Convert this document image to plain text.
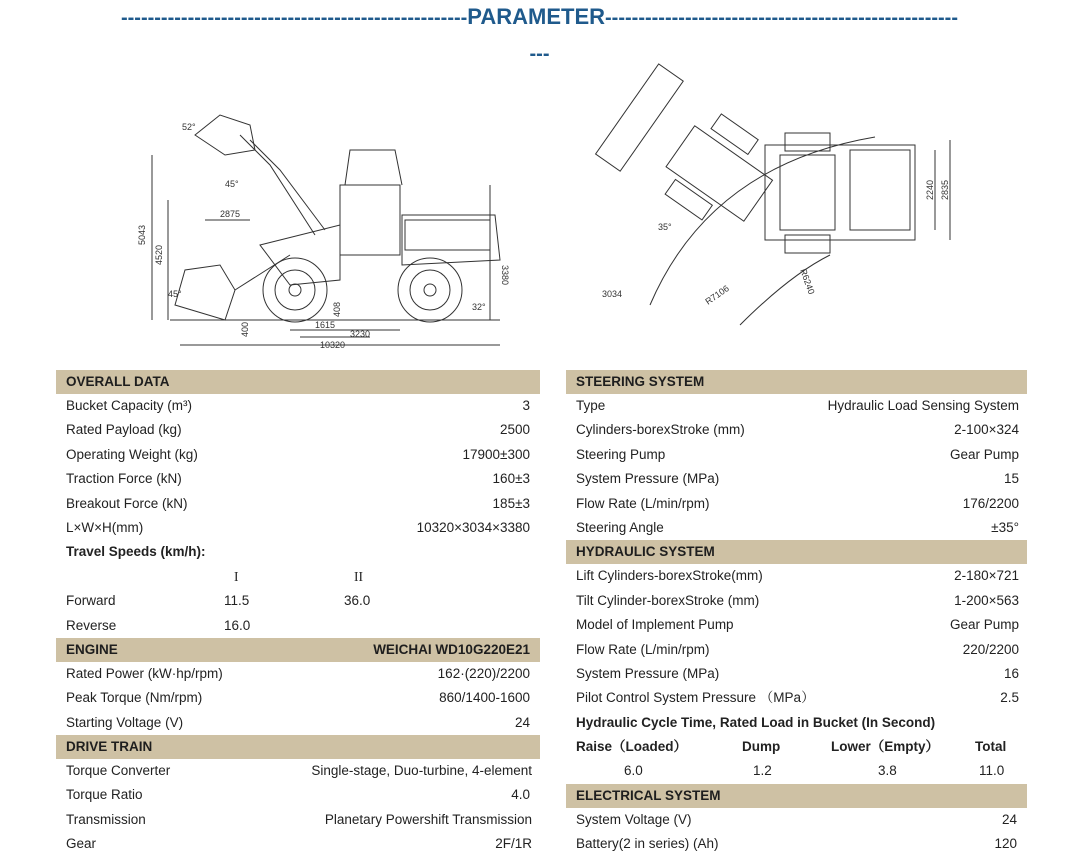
----------------------------------------------------PARAMETER-----------------------------------------------------
---
5043
4520
2875
45°
52°
45°
400
408
1615
3230
10320
3380
32°
2240 2835
35°
R6240
3034	R7106
OVERALL DATA
Bucket Capacity (m³)	3
Rated Payload (kg)	2500
Operating Weight (kg)	17900±300
Traction Force (kN)	160±3
Breakout Force (kN)	185±3
L×W×H(mm)	10320×3034×3380
Travel Speeds (km/h):
I	II
Forward	11.5	36.0
Reverse	16.0
ENGINE	WEICHAI WD10G220E21
Rated Power (kW·hp/rpm)	162·(220)/2200
Peak Torque (Nm/rpm)	860/1400-1600
Starting Voltage (V)	24
DRIVE TRAIN
Torque Converter	Single-stage, Duo-turbine, 4-element
Torque Ratio	4.0
Transmission	Planetary Powershift Transmission
Gear	2F/1R
STEERING SYSTEM
Type	Hydraulic Load Sensing System
Cylinders-borexStroke (mm)	2-100×324
Steering Pump	Gear Pump
System Pressure (MPa)	15
Flow Rate (L/min/rpm)	176/2200
Steering Angle	±35°
HYDRAULIC SYSTEM
Lift Cylinders-borexStroke(mm)	2-180×721
Tilt Cylinder-borexStroke (mm)	1-200×563
Model of Implement Pump	Gear Pump
Flow Rate (L/min/rpm)	220/2200
System Pressure (MPa)	16
Pilot Control System Pressure （MPa）	2.5
Hydraulic Cycle Time, Rated Load in Bucket (In Second)
Raise（Loaded）	Dump	Lower（Empty）	Total
6.0	1.2	3.8	11.0
ELECTRICAL SYSTEM
System Voltage (V)	24
Battery(2 in series) (Ah)	120
